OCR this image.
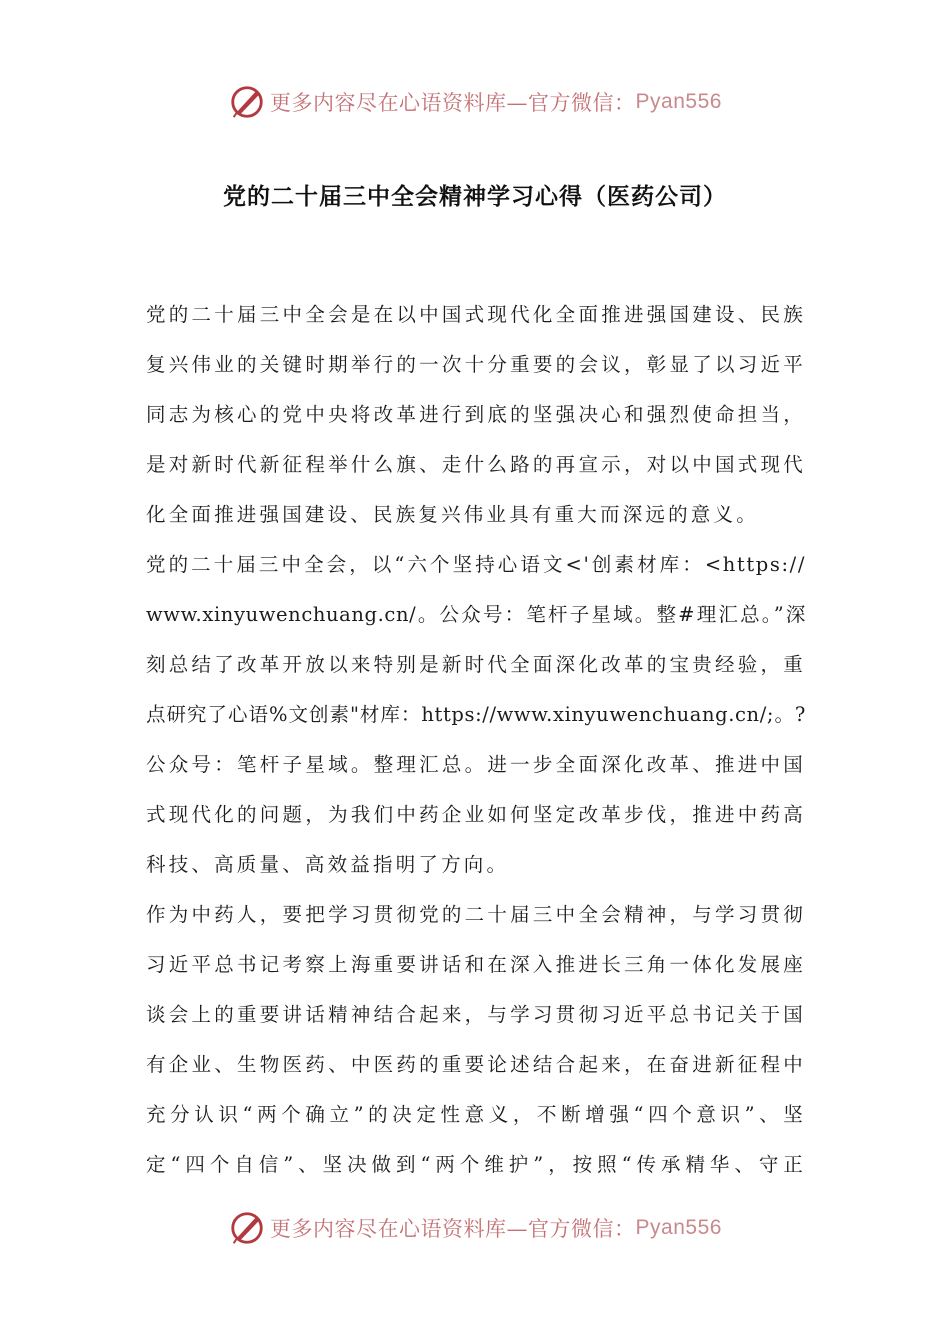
更多内容尽在心语资料库—官方微信： Pyan556
党的二十届三中全会精神学习心得（医药公司）
党的二十届三中全会是在以中国式现代化全面推进强国建设、民族
复兴伟业的关键时期举行的一次十分重要的会议，彰显了以习近平
同志为核心的党中央将改革进行到底的坚强决心和强烈使命担当，
是对新时代新征程举什么旗、走什么路的再宣示，对以中国式现代
化全面推进强国建设、民族复兴伟业具有重大而深远的意义。
党的二十届三中全会，以“六个坚持心语文<'创素材库：<https://
www.xinyuwenchuang.cn/。公众号：笔杆子星域。整#理汇总。”深
刻总结了改革开放以来特别是新时代全面深化改革的宝贵经验，重
点研究了心语%文创素"材库：https://www.xinyuwenchuang.cn/;。?
公众号：笔杆子星域。整理汇总。进一步全面深化改革、推进中国
式现代化的问题，为我们中药企业如何坚定改革步伐，推进中药高
科技、高质量、高效益指明了方向。
作为中药人，要把学习贯彻党的二十届三中全会精神，与学习贯彻
习近平总书记考察上海重要讲话和在深入推进长三角一体化发展座
谈会上的重要讲话精神结合起来，与学习贯彻习近平总书记关于国
有企业、生物医药、中医药的重要论述结合起来，在奋进新征程中
充分认识“两个确立”的决定性意义，不断增强“四个意识”、坚
定“四个自信”、坚决做到“两个维护”，按照“传承精华、守正
更多内容尽在心语资料库—官方微信： Pyan556
